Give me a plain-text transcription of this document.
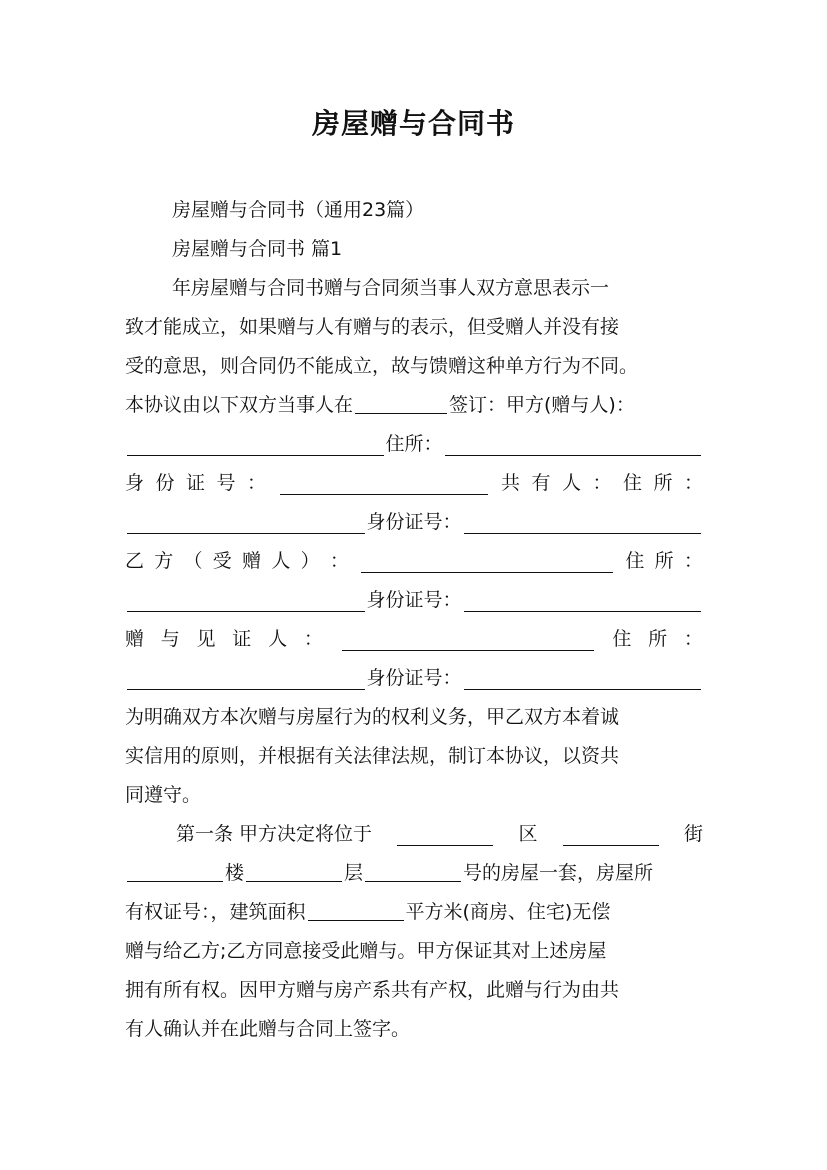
房屋赠与合同书
房屋赠与合同书（通用23篇）
房屋赠与合同书 篇1
年房屋赠与合同书赠与合同须当事人双方意思表示一
致才能成立，如果赠与人有赠与的表示，但受赠人并没有接
受的意思，则合同仍不能成立，故与馈赠这种单方行为不同。
本协议由以下双方当事人在	签订：甲方(赠与人)：
住所：
身 份 证 号 ：	共 有 人 ： 住 所 ：
身份证号：
乙 方 （ 受 赠 人 ） ：	住 所 ：
身份证号：
赠 与 见 证 人 ：	住 所 ：
身份证号：
为明确双方本次赠与房屋行为的权利义务，甲乙双方本着诚
实信用的原则，并根据有关法律法规，制订本协议，以资共
同遵守。
第一条 甲方决定将位于	区	街
楼	层	号的房屋一套，房屋所
有权证号：，建筑面积	平方米(商房、住宅)无偿
赠与给乙方;乙方同意接受此赠与。甲方保证其对上述房屋
拥有所有权。因甲方赠与房产系共有产权，此赠与行为由共
有人确认并在此赠与合同上签字。
